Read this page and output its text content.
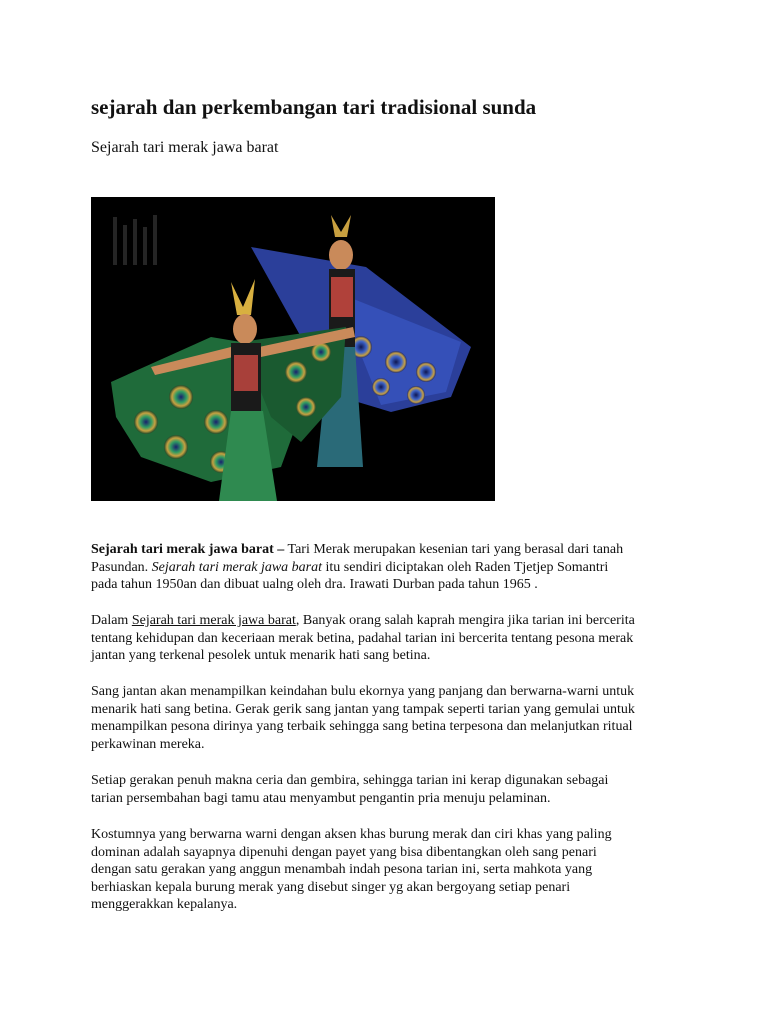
sejarah dan perkembangan tari tradisional sunda
Sejarah tari merak jawa barat

Sejarah tari merak jawa barat – Tari Merak merupakan kesenian tari yang berasal dari tanah
Pasundan. Sejarah tari merak jawa barat itu sendiri diciptakan oleh Raden Tjetjep Somantri
pada tahun 1950an dan dibuat ualng oleh dra. Irawati Durban pada tahun 1965 .

Dalam Sejarah tari merak jawa barat, Banyak orang salah kaprah mengira jika tarian ini bercerita
tentang kehidupan dan keceriaan merak betina, padahal tarian ini bercerita tentang pesona merak
jantan yang terkenal pesolek untuk menarik hati sang betina.

Sang jantan akan menampilkan keindahan bulu ekornya yang panjang dan berwarna-warni untuk
menarik hati sang betina. Gerak gerik sang jantan yang tampak seperti tarian yang gemulai untuk
menampilkan pesona dirinya yang terbaik sehingga sang betina terpesona dan melanjutkan ritual
perkawinan mereka.

Setiap gerakan penuh makna ceria dan gembira, sehingga tarian ini kerap digunakan sebagai
tarian persembahan bagi tamu atau menyambut pengantin pria menuju pelaminan.

Kostumnya yang berwarna warni dengan aksen khas burung merak dan ciri khas yang paling
dominan adalah sayapnya dipenuhi dengan payet yang bisa dibentangkan oleh sang penari
dengan satu gerakan yang anggun menambah indah pesona tarian ini, serta mahkota yang
berhiaskan kepala burung merak yang disebut singer yg akan bergoyang setiap penari
menggerakkan kepalanya.
